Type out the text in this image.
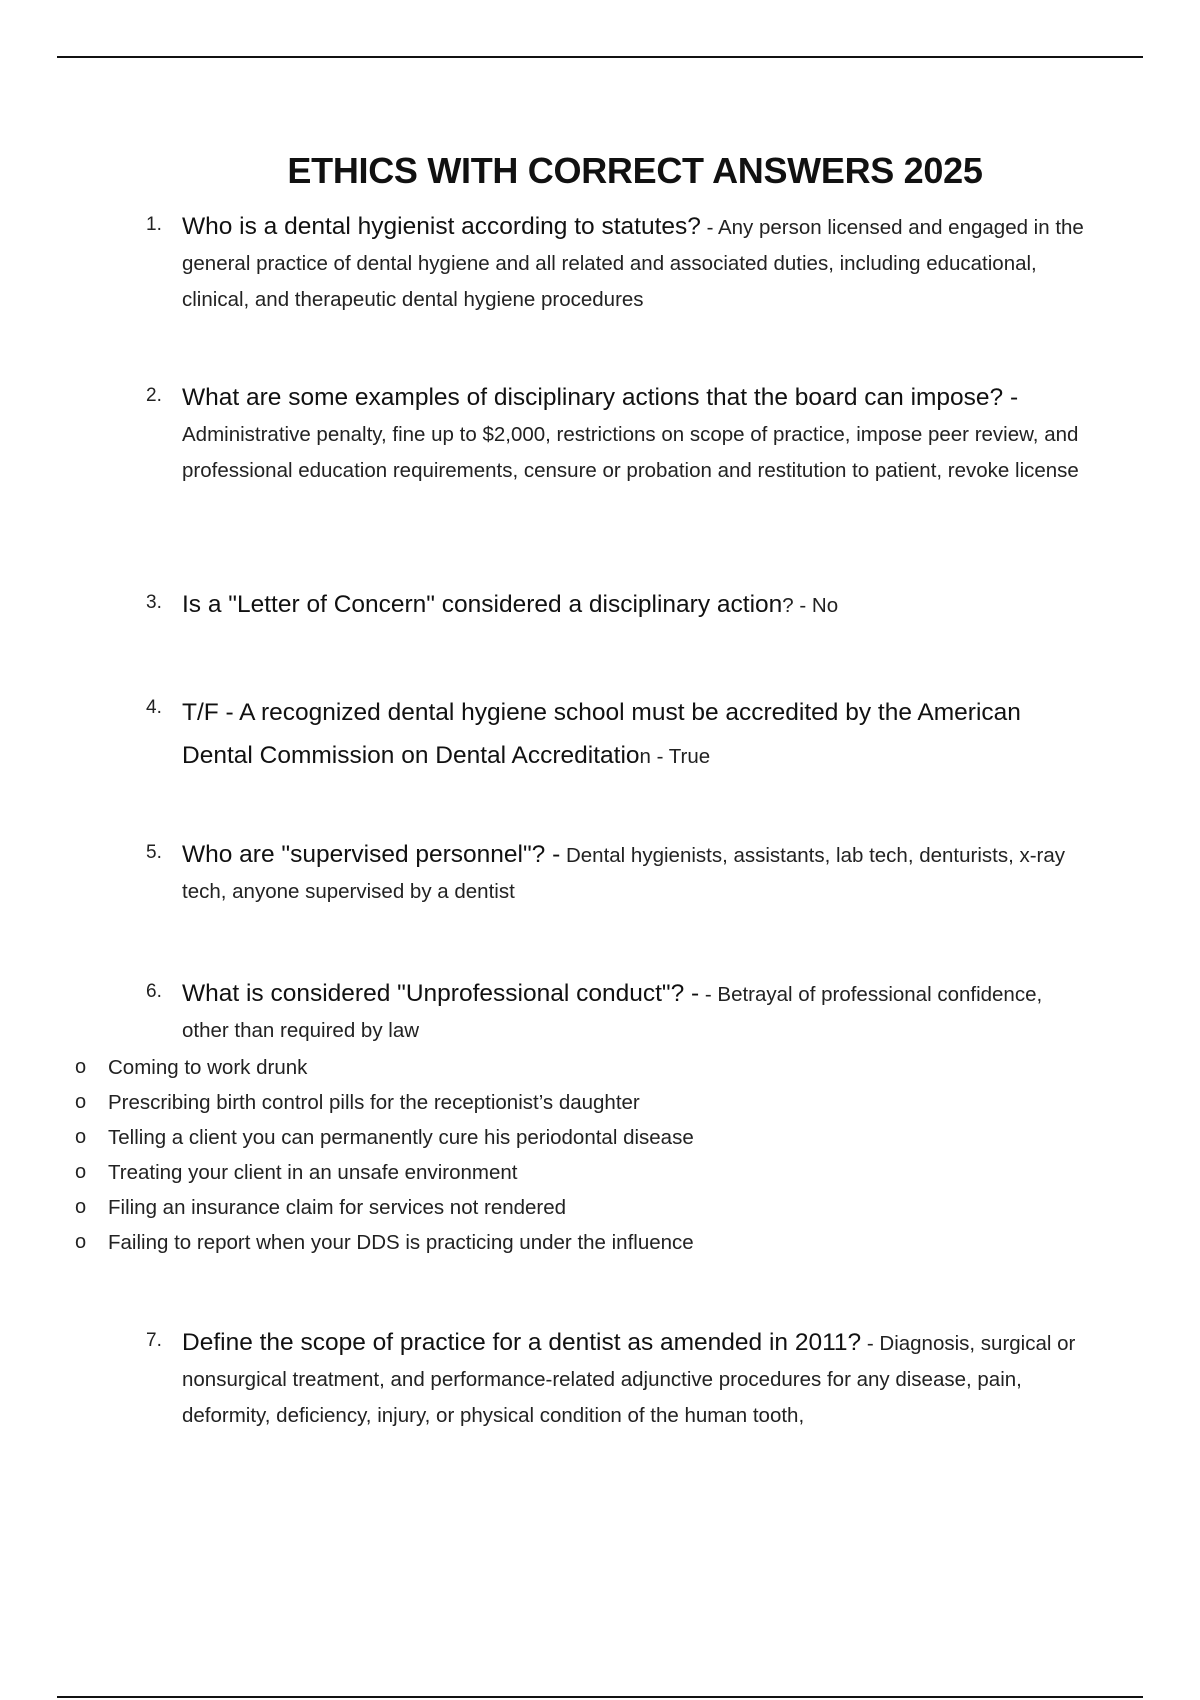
ETHICS WITH CORRECT ANSWERS 2025
1. Who is a dental hygienist according to statutes? - Any person licensed and engaged in the general practice of dental hygiene and all related and associated duties, including educational, clinical, and therapeutic dental hygiene procedures
2. What are some examples of disciplinary actions that the board can impose? - Administrative penalty, fine up to $2,000, restrictions on scope of practice, impose peer review, and professional education requirements, censure or probation and restitution to patient, revoke license
3. Is a "Letter of Concern" considered a disciplinary action? - No
4. T/F - A recognized dental hygiene school must be accredited by the American Dental Commission on Dental Accreditation - True
5. Who are "supervised personnel"? - Dental hygienists, assistants, lab tech, denturists, x-ray tech, anyone supervised by a dentist
6. What is considered "Unprofessional conduct"? - - Betrayal of professional confidence, other than required by law
o Coming to work drunk
o Prescribing birth control pills for the receptionist’s daughter
o Telling a client you can permanently cure his periodontal disease
o Treating your client in an unsafe environment
o Filing an insurance claim for services not rendered
o Failing to report when your DDS is practicing under the influence
7. Define the scope of practice for a dentist as amended in 2011? - Diagnosis, surgical or nonsurgical treatment, and performance-related adjunctive procedures for any disease, pain, deformity, deficiency, injury, or physical condition of the human tooth,
